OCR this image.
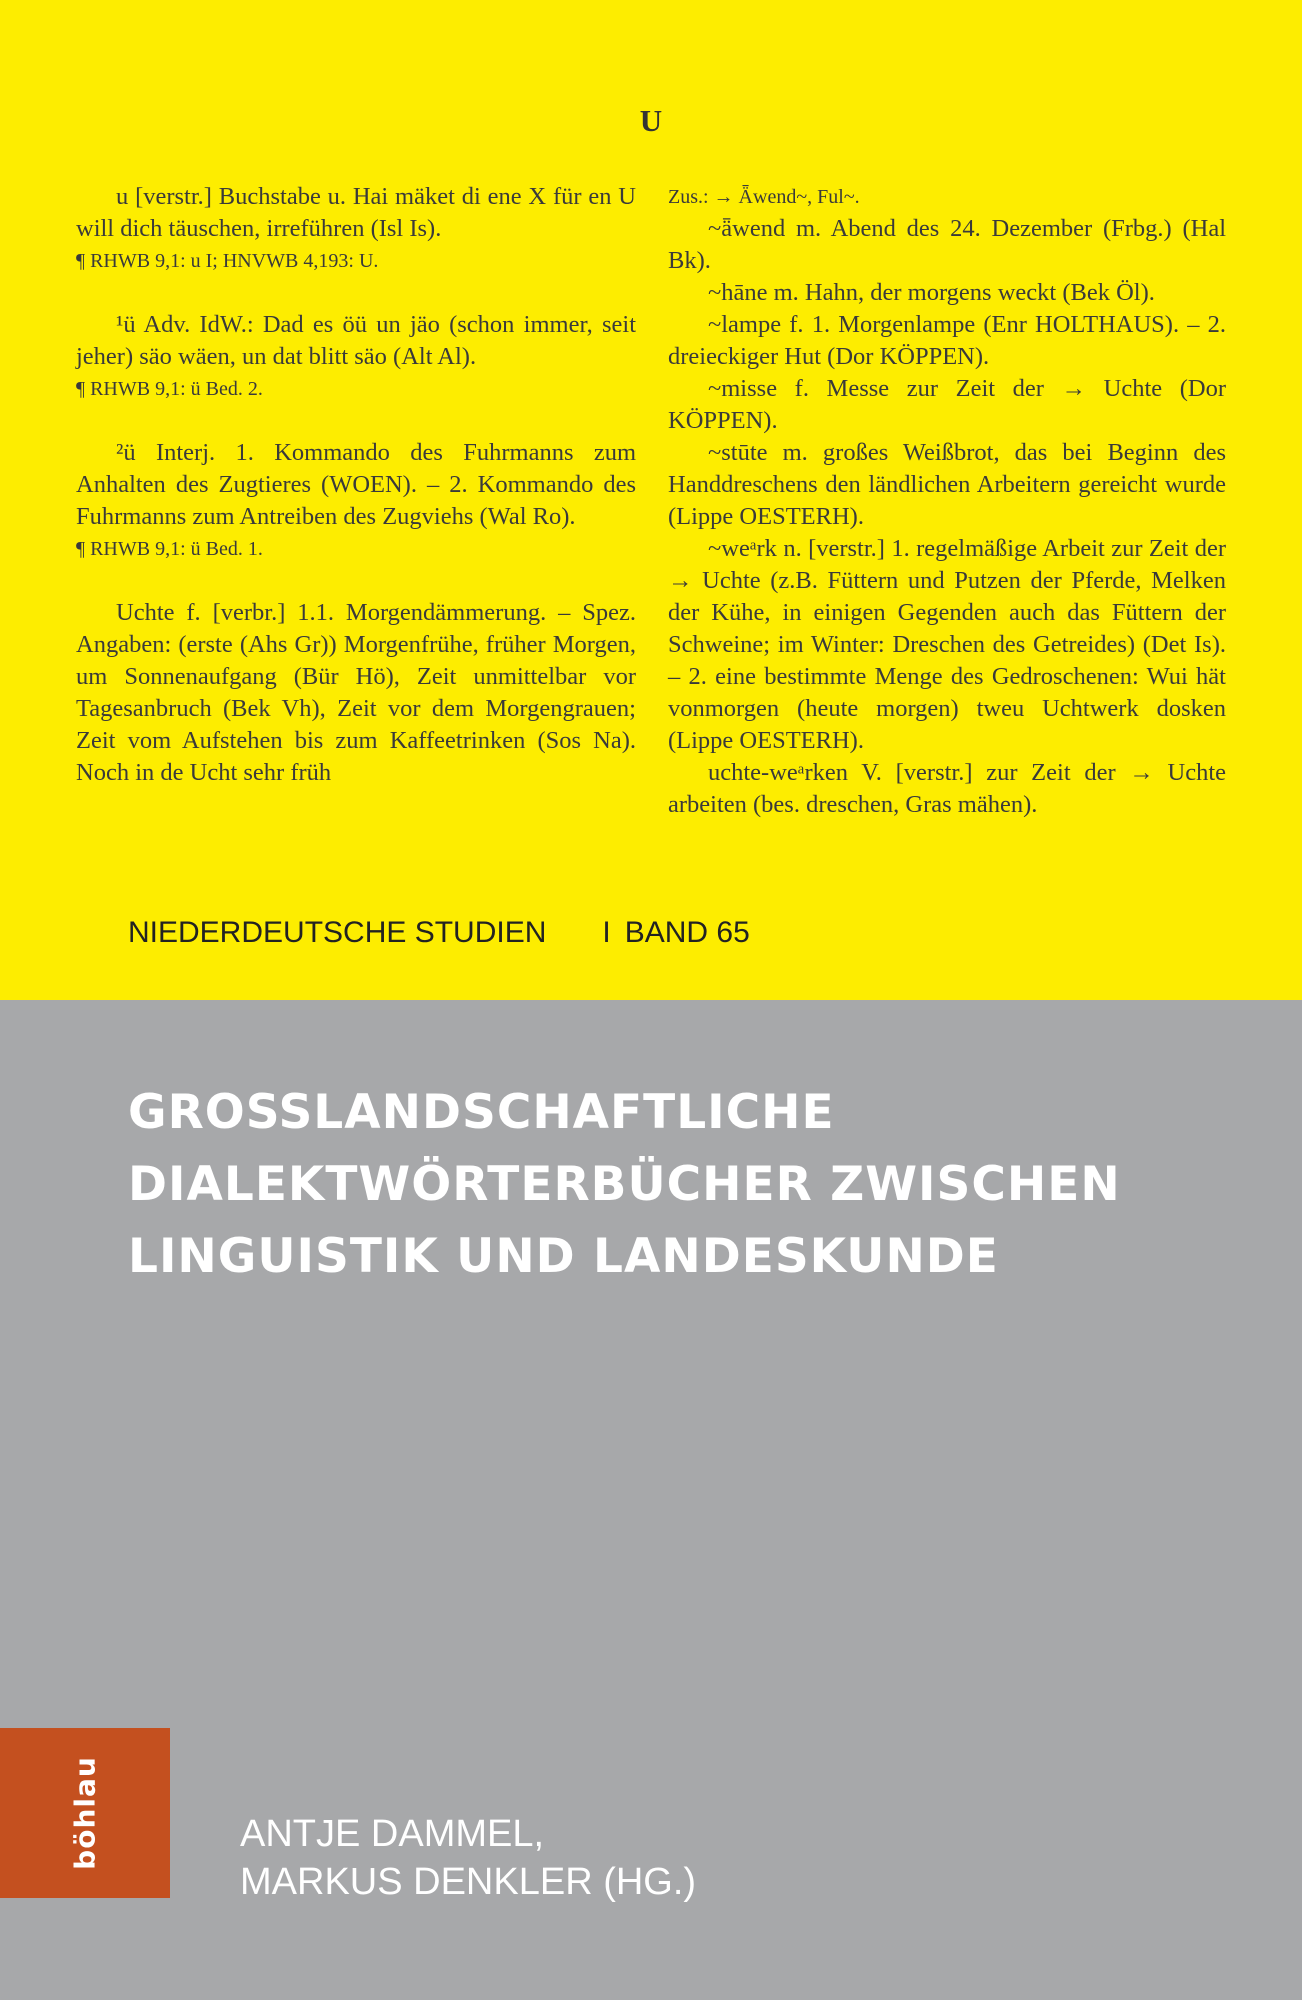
U

u [verstr.] Buchstabe u. Hai mäket di ene X für en U will dich täuschen, irreführen (Isl Is).

¶ RHWB 9,1: u I; HNVWB 4,193: U.

¹ü Adv. IdW.: Dad es öü un jäo (schon immer, seit jeher) säo wäen, un dat blitt säo (Alt Al).

¶ RHWB 9,1: ü Bed. 2.

²ü Interj. 1. Kommando des Fuhrmanns zum Anhalten des Zugtieres (WOEN). – 2. Kommando des Fuhrmanns zum Antreiben des Zugviehs (Wal Ro).

¶ RHWB 9,1: ü Bed. 1.

Uchte f. [verbr.] 1.1. Morgendämmerung. – Spez. Angaben: (erste (Ahs Gr)) Morgenfrühe, früher Morgen, um Sonnenaufgang (Bür Hö), Zeit unmittelbar vor Tagesanbruch (Bek Vh), Zeit vor dem Morgengrauen; Zeit vom Aufstehen bis zum Kaffeetrinken (Sos Na). Noch in de Ucht sehr früh

Zus.: → Ǟwend~, Ful~.

~ǟwend m. Abend des 24. Dezember (Frbg.) (Hal Bk).

~hāne m. Hahn, der morgens weckt (Bek Öl).

~lampe f. 1. Morgenlampe (Enr HOLTHAUS). – 2. dreieckiger Hut (Dor KÖPPEN).

~misse f. Messe zur Zeit der → Uchte (Dor KÖPPEN).

~stūte m. großes Weißbrot, das bei Beginn des Handdreschens den ländlichen Arbeitern gereicht wurde (Lippe OESTERH).

~weᵃrk n. [verstr.] 1. regelmäßige Arbeit zur Zeit der → Uchte (z.B. Füttern und Putzen der Pferde, Melken der Kühe, in einigen Gegenden auch das Füttern der Schweine; im Winter: Dreschen des Getreides) (Det Is). – 2. eine bestimmte Menge des Gedroschenen: Wui hät vonmorgen (heute morgen) tweu Uchtwerk dosken (Lippe OESTERH).

uchte-weᵃrken V. [verstr.] zur Zeit der → Uchte arbeiten (bes. dreschen, Gras mähen).

NIEDERDEUTSCHE STUDIEN I BAND 65
GROSSLANDSCHAFTLICHE
DIALEKTWÖRTERBÜCHER ZWISCHEN
LINGUISTIK UND LANDESKUNDE
böhlau	ANTJE DAMMEL,
MARKUS DENKLER (HG.)
